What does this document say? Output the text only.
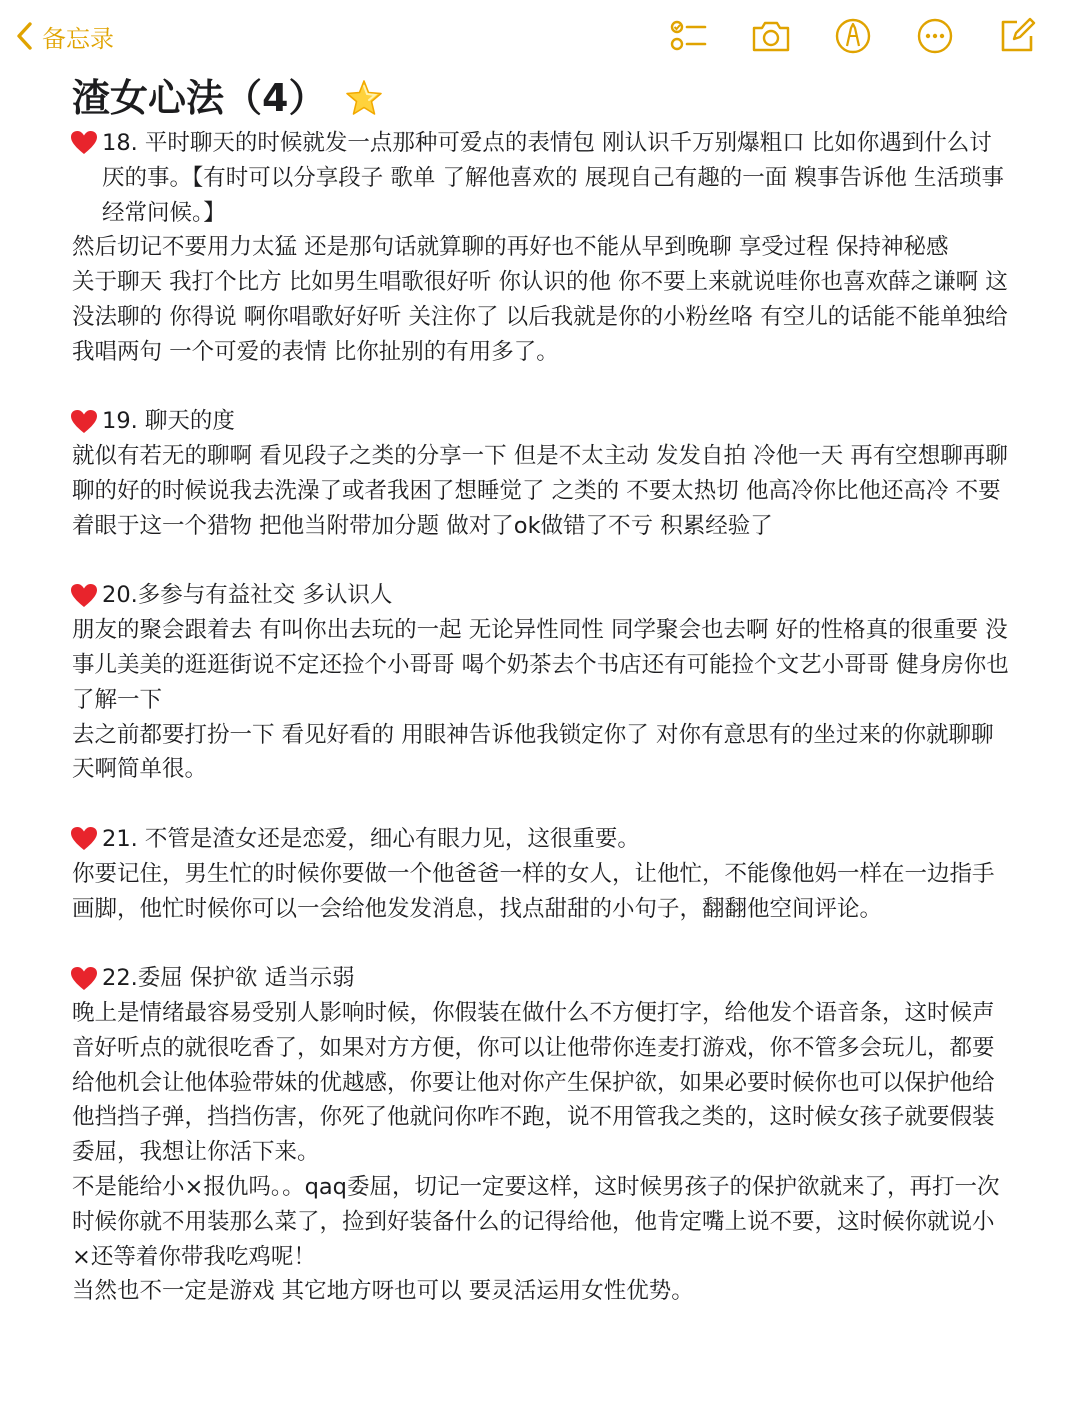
备忘录
渣女心法（4）

18. 平时聊天的时候就发一点那种可爱点的表情包 刚认识千万别爆粗口 比如你遇到什么讨厌的事。【有时可以分享段子 歌单 了解他喜欢的 展现自己有趣的一面 糗事告诉他 生活琐事经常问候。】

然后切记不要用力太猛 还是那句话就算聊的再好也不能从早到晚聊 享受过程 保持神秘感

关于聊天 我打个比方 比如男生唱歌很好听 你认识的他 你不要上来就说哇你也喜欢薛之谦啊 这没法聊的 你得说 啊你唱歌好好听 关注你了 以后我就是你的小粉丝咯 有空儿的话能不能单独给我唱两句 一个可爱的表情 比你扯别的有用多了。

19. 聊天的度

就似有若无的聊啊 看见段子之类的分享一下 但是不太主动 发发自拍 冷他一天 再有空想聊再聊 聊的好的时候说我去洗澡了或者我困了想睡觉了 之类的 不要太热切 他高冷你比他还高冷 不要着眼于这一个猎物 把他当附带加分题 做对了ok做错了不亏 积累经验了

20.多参与有益社交 多认识人

朋友的聚会跟着去 有叫你出去玩的一起 无论异性同性 同学聚会也去啊 好的性格真的很重要 没事儿美美的逛逛街说不定还捡个小哥哥 喝个奶茶去个书店还有可能捡个文艺小哥哥 健身房你也了解一下

去之前都要打扮一下 看见好看的 用眼神告诉他我锁定你了 对你有意思有的坐过来的你就聊聊天啊简单很。

21. 不管是渣女还是恋爱，细心有眼力见，这很重要。

你要记住，男生忙的时候你要做一个他爸爸一样的女人，让他忙，不能像他妈一样在一边指手画脚，他忙时候你可以一会给他发发消息，找点甜甜的小句子，翻翻他空间评论。

22.委屈 保护欲 适当示弱

晚上是情绪最容易受别人影响时候，你假装在做什么不方便打字，给他发个语音条，这时候声音好听点的就很吃香了，如果对方方便，你可以让他带你连麦打游戏，你不管多会玩儿，都要给他机会让他体验带妹的优越感，你要让他对你产生保护欲，如果必要时候你也可以保护他给他挡挡子弹，挡挡伤害，你死了他就问你咋不跑，说不用管我之类的，这时候女孩子就要假装委屈，我想让你活下来。

不是能给小×报仇吗。。qaq委屈，切记一定要这样，这时候男孩子的保护欲就来了，再打一次时候你就不用装那么菜了，捡到好装备什么的记得给他，他肯定嘴上说不要，这时候你就说小×还等着你带我吃鸡呢！

当然也不一定是游戏 其它地方呀也可以 要灵活运用女性优势。
